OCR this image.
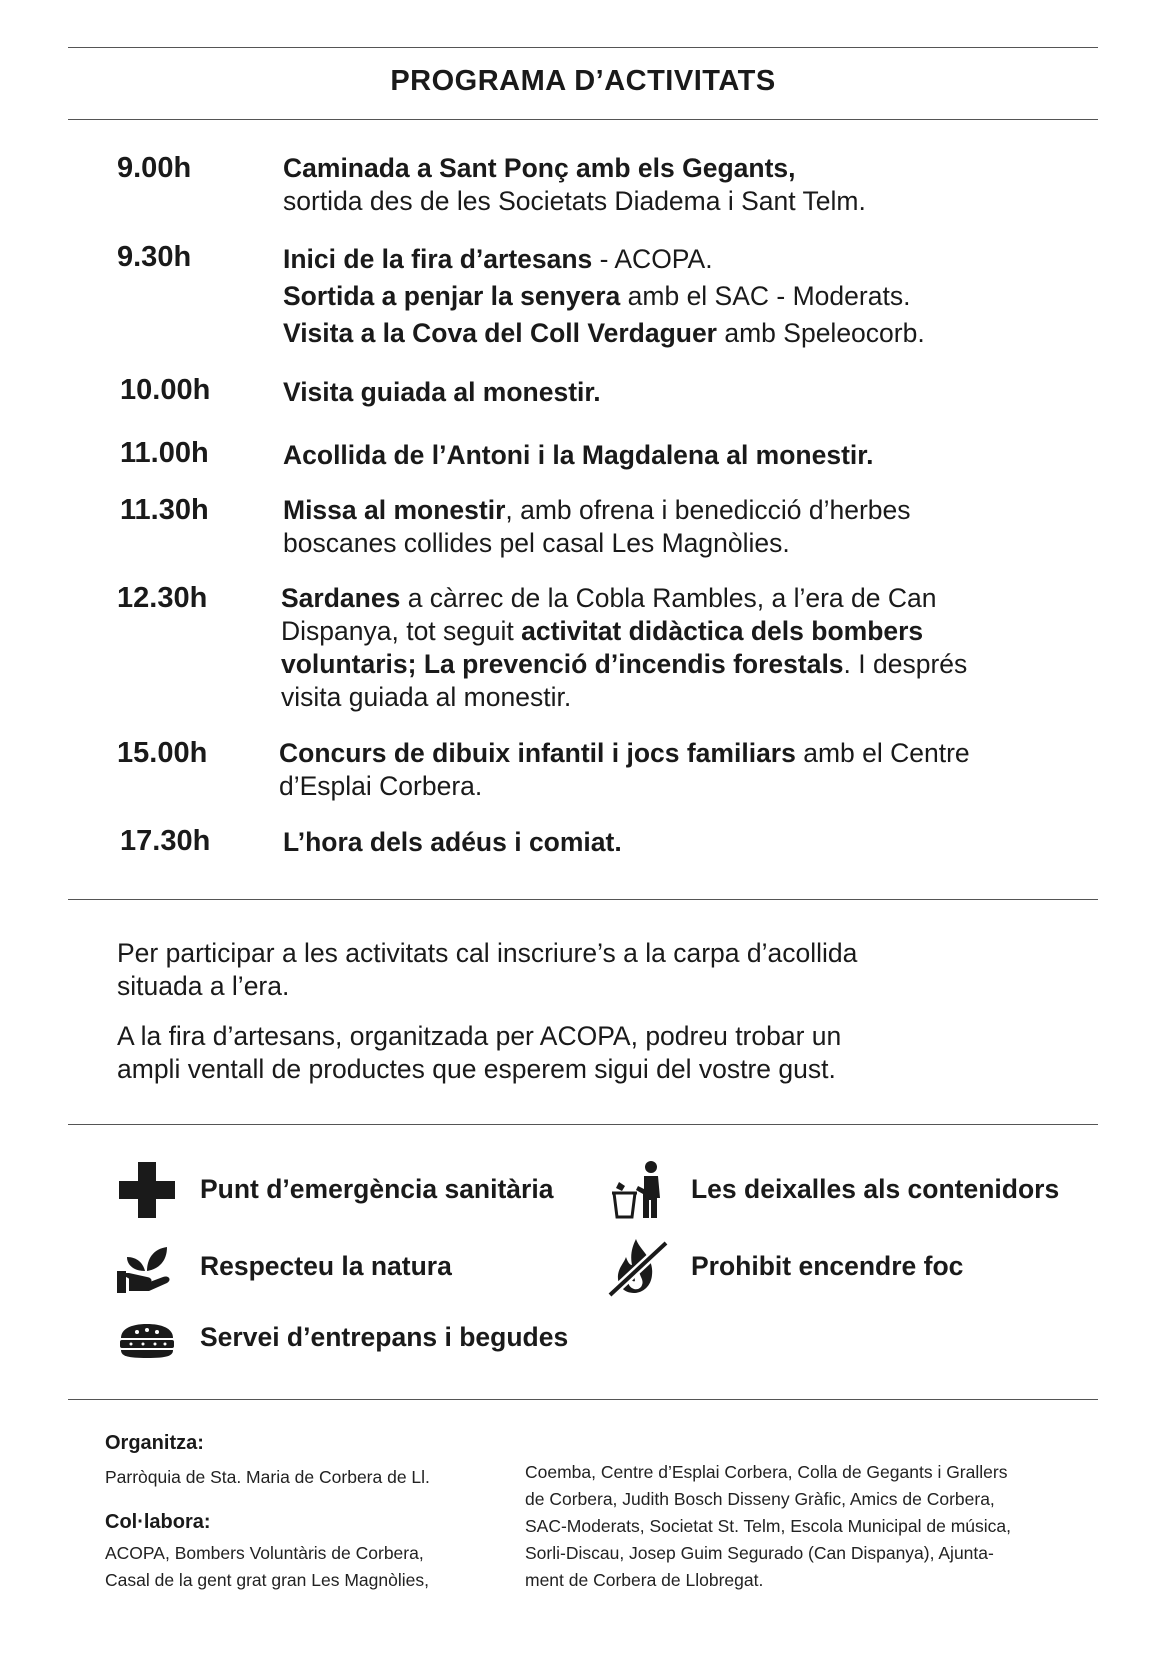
PROGRAMA D’ACTIVITATS
9.00h	Caminada a Sant Ponç amb els Gegants,
sortida des de les Societats Diadema i Sant Telm.
9.30h	Inici de la fira d’artesans - ACOPA.
Sortida a penjar la senyera amb el SAC - Moderats.
Visita a la Cova del Coll Verdaguer amb Speleocorb.
10.00h	Visita guiada al monestir.
11.00h	Acollida de l’Antoni i la Magdalena al monestir.
11.30h	Missa al monestir, amb ofrena i benedicció d’herbes
boscanes collides pel casal Les Magnòlies.
12.30h	Sardanes a càrrec de la Cobla Rambles, a l’era de Can
Dispanya, tot seguit activitat didàctica dels bombers
voluntaris; La prevenció d’incendis forestals. I després
visita guiada al monestir.
15.00h	Concurs de dibuix infantil i jocs familiars amb el Centre
d’Esplai Corbera.
17.30h	L’hora dels adéus i comiat.
Per participar a les activitats cal inscriure’s a la carpa d’acollida
situada a l’era.
A la fira d’artesans, organitzada per ACOPA, podreu trobar un
ampli ventall de productes que esperem sigui del vostre gust.
Punt d’emergència sanitària	Les deixalles als contenidors
Respecteu la natura	Prohibit encendre foc
Servei d’entrepans i begudes
Organitza:
Parròquia de Sta. Maria de Corbera de Ll.
Col·labora:
ACOPA, Bombers Voluntàris de Corbera,
Casal de la gent grat gran Les Magnòlies,
Coemba, Centre d’Esplai Corbera, Colla de Gegants i Grallers
de Corbera, Judith Bosch Disseny Gràfic, Amics de Corbera,
SAC-Moderats, Societat St. Telm, Escola Municipal de música,
Sorli-Discau, Josep Guim Segurado (Can Dispanya), Ajunta-
ment de Corbera de Llobregat.
